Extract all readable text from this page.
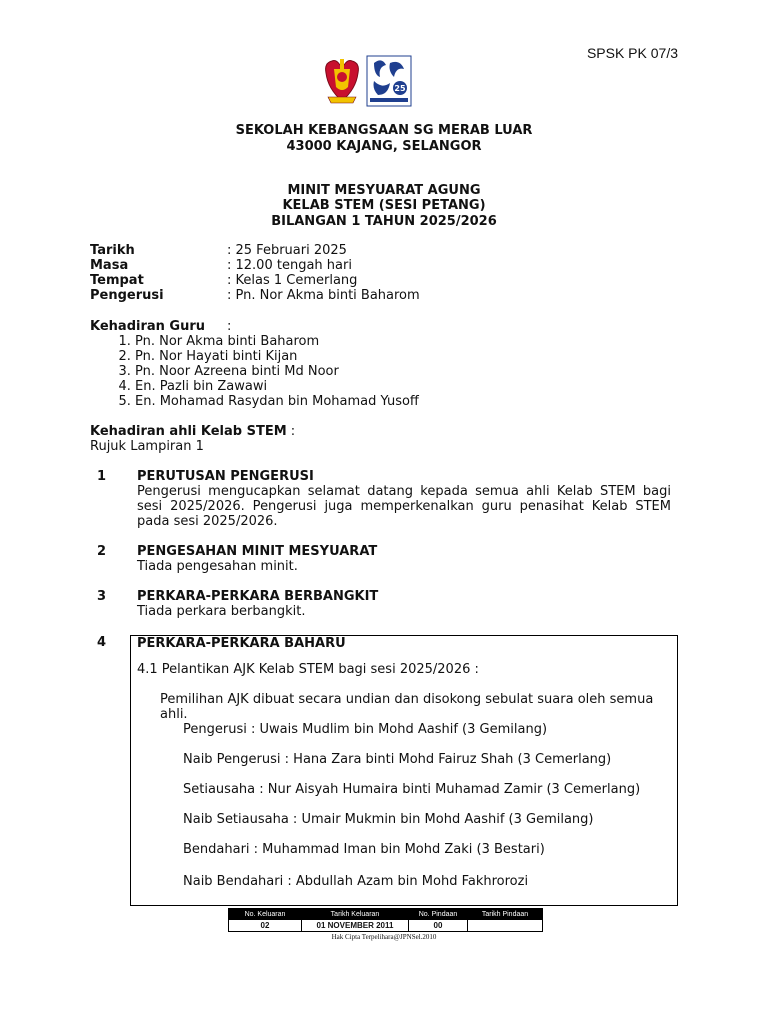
SPSK PK 07/3
25
SEKOLAH KEBANGSAAN SG MERAB LUAR
43000 KAJANG, SELANGOR
MINIT MESYUARAT AGUNG
KELAB STEM (SESI PETANG)
BILANGAN 1 TAHUN 2025/2026
Tarikh	: 25 Februari 2025
Masa	: 12.00 tengah hari
Tempat	: Kelas 1 Cemerlang
Pengerusi	: Pn. Nor Akma binti Baharom
Kehadiran Guru :
1. Pn. Nor Akma binti Baharom
2. Pn. Nor Hayati binti Kijan
3. Pn. Noor Azreena binti Md Noor
4. En. Pazli bin Zawawi
5. En. Mohamad Rasydan bin Mohamad Yusoff
Kehadiran ahli Kelab STEM :
Rujuk Lampiran 1
1 PERUTUSAN PENGERUSI
Pengerusi mengucapkan selamat datang kepada semua ahli Kelab STEM bagi sesi 2025/2026. Pengerusi juga memperkenalkan guru penasihat Kelab STEM pada sesi 2025/2026.
2 PENGESAHAN MINIT MESYUARAT
Tiada pengesahan minit.
3 PERKARA-PERKARA BERBANGKIT
Tiada perkara berbangkit.
4 PERKARA-PERKARA BAHARU
4.1 Pelantikan AJK Kelab STEM bagi sesi 2025/2026 :
Pemilihan AJK dibuat secara undian dan disokong sebulat suara oleh semua ahli.
Pengerusi : Uwais Mudlim bin Mohd Aashif (3 Gemilang)
Naib Pengerusi : Hana Zara binti Mohd Fairuz Shah (3 Cemerlang)
Setiausaha : Nur Aisyah Humaira binti Muhamad Zamir (3 Cemerlang)
Naib Setiausaha : Umair Mukmin bin Mohd Aashif (3 Gemilang)
Bendahari : Muhammad Iman bin Mohd Zaki (3 Bestari)
Naib Bendahari : Abdullah Azam bin Mohd Fakhrorozi
No. Keluaran	Tarikh Keluaran	No. Pindaan	Tarikh Pindaan
02	01 NOVEMBER 2011	00	
Hak Cipta Terpelihara@JPNSel.2010
